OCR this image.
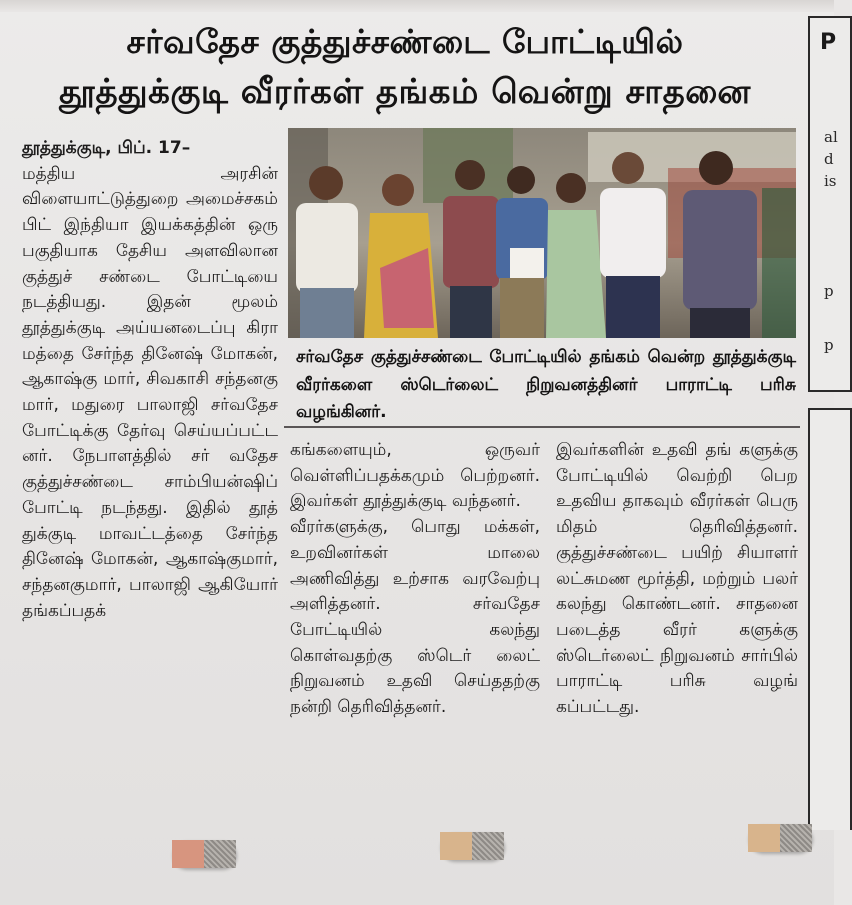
சர்வதேச குத்துச்சண்டை போட்டியில்
தூத்துக்குடி வீரர்கள் தங்கம் வென்று சாதனை
தூத்துக்குடி, பிப். 17–
மத்திய அரசின் விளையாட்டுத்துறை அமைச்சகம் பிட் இந்தியா இயக்கத்தின் ஒரு பகுதியாக தேசிய அளவிலான குத்துச் சண்டை போட்டியை நடத்தியது. இதன் மூலம் தூத்துக்குடி அய்யனடைப்பு கிரா மத்தை சேர்ந்த தினேஷ் மோகன், ஆகாஷ்கு மார், சிவகாசி சந்தனகு மார், மதுரை பாலாஜி சர்வதேச போட்டிக்கு தேர்வு செய்யப்பட்ட னர். நேபாளத்தில் சர் வதேச குத்துச்சண்டை சாம்பியன்ஷிப் போட்டி நடந்தது. இதில் தூத் துக்குடி மாவட்டத்தை சேர்ந்த தினேஷ் மோகன், ஆகாஷ்குமார், சந்தனகுமார், பாலாஜி ஆகியோர் தங்கப்பதக்
சர்வதேச குத்துச்சண்டை போட்டியில் தங்கம் வென்ற தூத்துக்குடி வீரர்களை ஸ்டெர்லைட் நிறுவனத்தினர் பாராட்டி பரிசு வழங்கினர்.
கங்களையும், ஒருவர் வெள்ளிப்பதக்கமும் பெற்றனர். இவர்கள் தூத்துக்குடி வந்தனர்.
வீரர்களுக்கு, பொது மக்கள், உறவினர்கள் மாலை அணிவித்து உற்சாக வரவேற்பு அளித்தனர். சர்வதேச போட்டியில் கலந்து கொள்வதற்கு ஸ்டெர் லைட் நிறுவனம் உதவி செய்ததற்கு நன்றி தெரிவித்தனர்.
இவர்களின் உதவி தங் களுக்கு போட்டியில் வெற்றி பெற உதவிய தாகவும் வீரர்கள் பெரு மிதம் தெரிவித்தனர். குத்துச்சண்டை பயிற் சியாளர் லட்சுமண மூர்த்தி, மற்றும் பலர் கலந்து கொண்டனர். சாதனை படைத்த வீரர் களுக்கு ஸ்டெர்லைட் நிறுவனம் சார்பில் பாராட்டி பரிசு வழங் கப்பட்டது.
P
al
d
is
p
p
